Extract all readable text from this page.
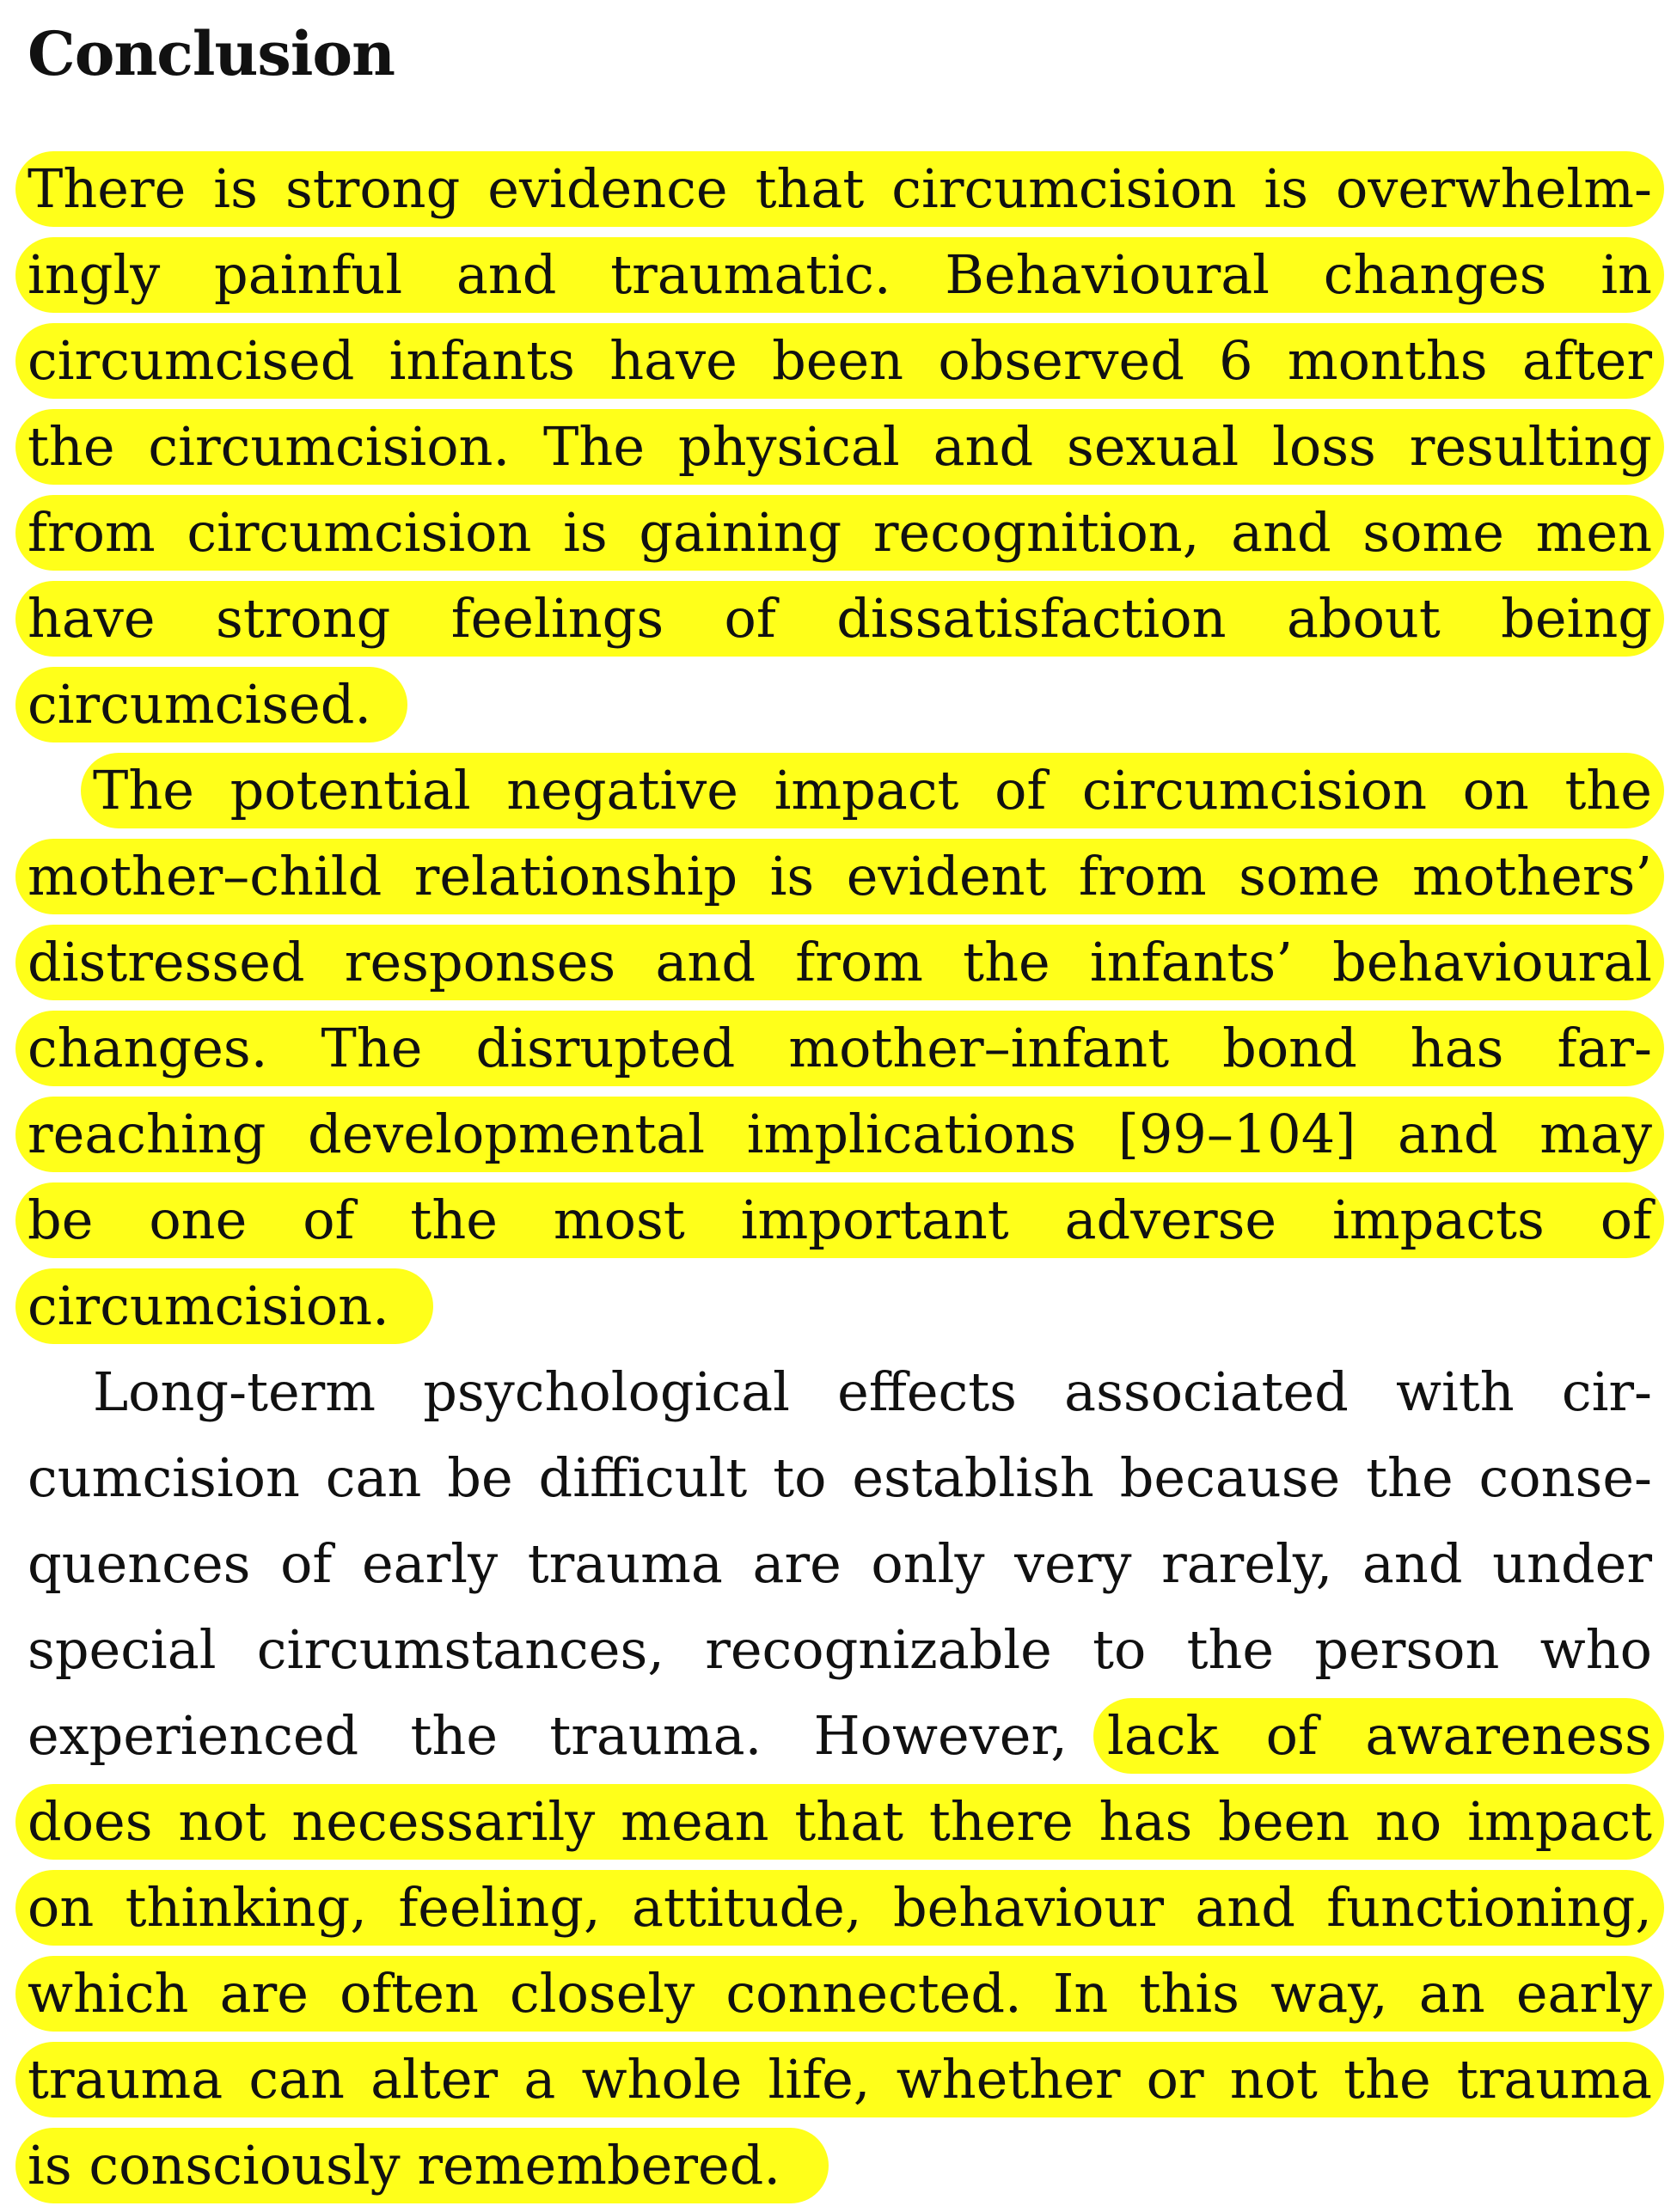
Conclusion
There is strong evidence that circumcision is overwhelm-
ingly painful and traumatic. Behavioural changes in
circumcised infants have been observed 6 months after
the circumcision. The physical and sexual loss resulting
from circumcision is gaining recognition, and some men
have strong feelings of dissatisfaction about being
circumcised.
The potential negative impact of circumcision on the
mother–child relationship is evident from some mothers’
distressed responses and from the infants’ behavioural
changes. The disrupted mother–infant bond has far-
reaching developmental implications [99–104] and may
be one of the most important adverse impacts of
circumcision.
Long-term psychological effects associated with cir-
cumcision can be difficult to establish because the conse-
quences of early trauma are only very rarely, and under
special circumstances, recognizable to the person who
experienced the trauma. However, lack of awareness
does not necessarily mean that there has been no impact
on thinking, feeling, attitude, behaviour and functioning,
which are often closely connected. In this way, an early
trauma can alter a whole life, whether or not the trauma
is consciously remembered.
